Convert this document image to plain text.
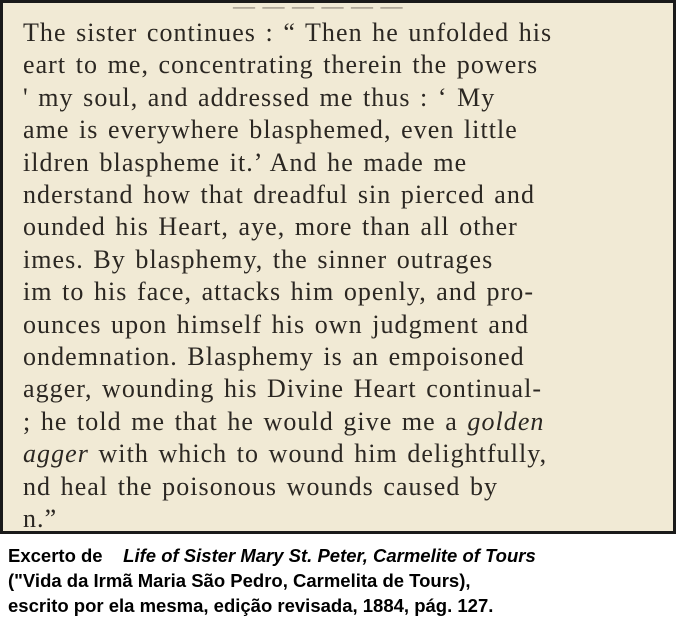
— — — — — —
The sister continues : “ Then he unfolded his
eart to me, concentrating therein the powers
' my soul, and addressed me thus : ‘ My
ame is everywhere blasphemed, even little
ildren blaspheme it.’ And he made me
nderstand how that dreadful sin pierced and
ounded his Heart, aye, more than all other
imes. By blasphemy, the sinner outrages
im to his face, attacks him openly, and pro-
ounces upon himself his own judgment and
ondemnation. Blasphemy is an empoisoned
agger, wounding his Divine Heart continual-
; he told me that he would give me a golden
agger with which to wound him delightfully,
nd heal the poisonous wounds caused by
n.”
Excerto de Life of Sister Mary St. Peter, Carmelite of Tours
("Vida da Irmã Maria São Pedro, Carmelita de Tours),
escrito por ela mesma, edição revisada, 1884, pág. 127.
